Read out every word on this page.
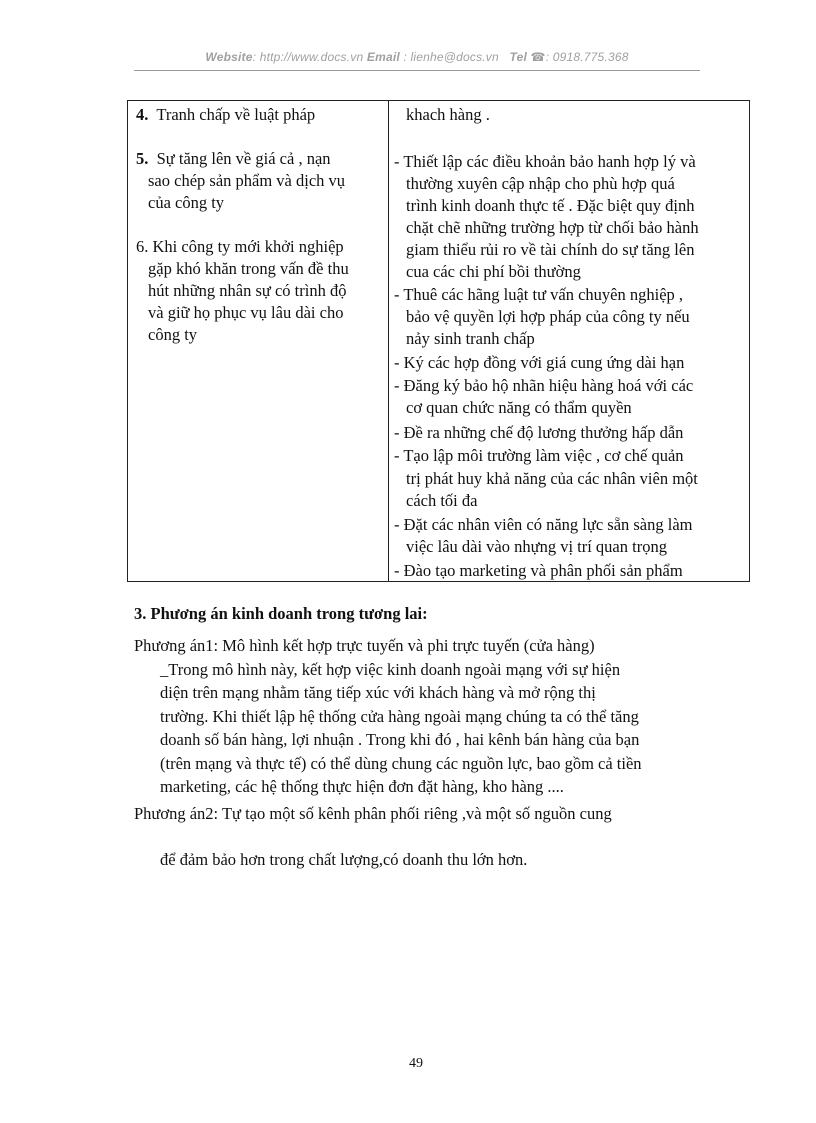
Website: http://www.docs.vn Email : lienhe@docs.vn Tel ☎: 0918.775.368
4. Tranh chấp về luật pháp
5. Sự tăng lên về giá cả , nạn
sao chép sản phẩm và dịch vụ
của công ty
6. Khi công ty mới khởi nghiệp
gặp khó khăn trong vấn đề thu
hút những nhân sự có trình độ
và giữ họ phục vụ lâu dài cho
công ty
khach hàng .
- Thiết lập các điều khoản bảo hanh hợp lý và
thường xuyên cập nhập cho phù hợp quá
trình kinh doanh thực tế . Đặc biệt quy định
chặt chẽ những trường hợp từ chối bảo hành
giam thiểu rủi ro về tài chính do sự tăng lên
cua các chi phí bồi thường
- Thuê các hãng luật tư vấn chuyên nghiệp ,
bảo vệ quyền lợi hợp pháp của công ty nếu
nảy sinh tranh chấp
- Ký các hợp đồng với giá cung ứng dài hạn
- Đăng ký bảo hộ nhãn hiệu hàng hoá với các
cơ quan chức năng có thẩm quyền
- Đề ra những chế độ lương thưởng hấp dẫn
- Tạo lập môi trường làm việc , cơ chế quản
trị phát huy khả năng của các nhân viên một
cách tối đa
- Đặt các nhân viên có năng lực sẵn sàng làm
việc lâu dài vào nhựng vị trí quan trọng
- Đào tạo marketing và phân phối sản phẩm
3. Phương án kinh doanh trong tương lai:
Phương án1: Mô hình kết hợp trực tuyến và phi trực tuyến (cửa hàng)
_Trong mô hình này, kết hợp việc kinh doanh ngoài mạng với sự hiện
diện trên mạng nhằm tăng tiếp xúc với khách hàng và mở rộng thị
trường. Khi thiết lập hệ thống cửa hàng ngoài mạng chúng ta có thể tăng
doanh số bán hàng, lợi nhuận . Trong khi đó , hai kênh bán hàng của bạn
(trên mạng và thực tế) có thể dùng chung các nguồn lực, bao gồm cả tiền
marketing, các hệ thống thực hiện đơn đặt hàng, kho hàng ....
Phương án2: Tự tạo một số kênh phân phối riêng ,và một số nguồn cung
để đảm bảo hơn trong chất lượng,có doanh thu lớn hơn.
49
